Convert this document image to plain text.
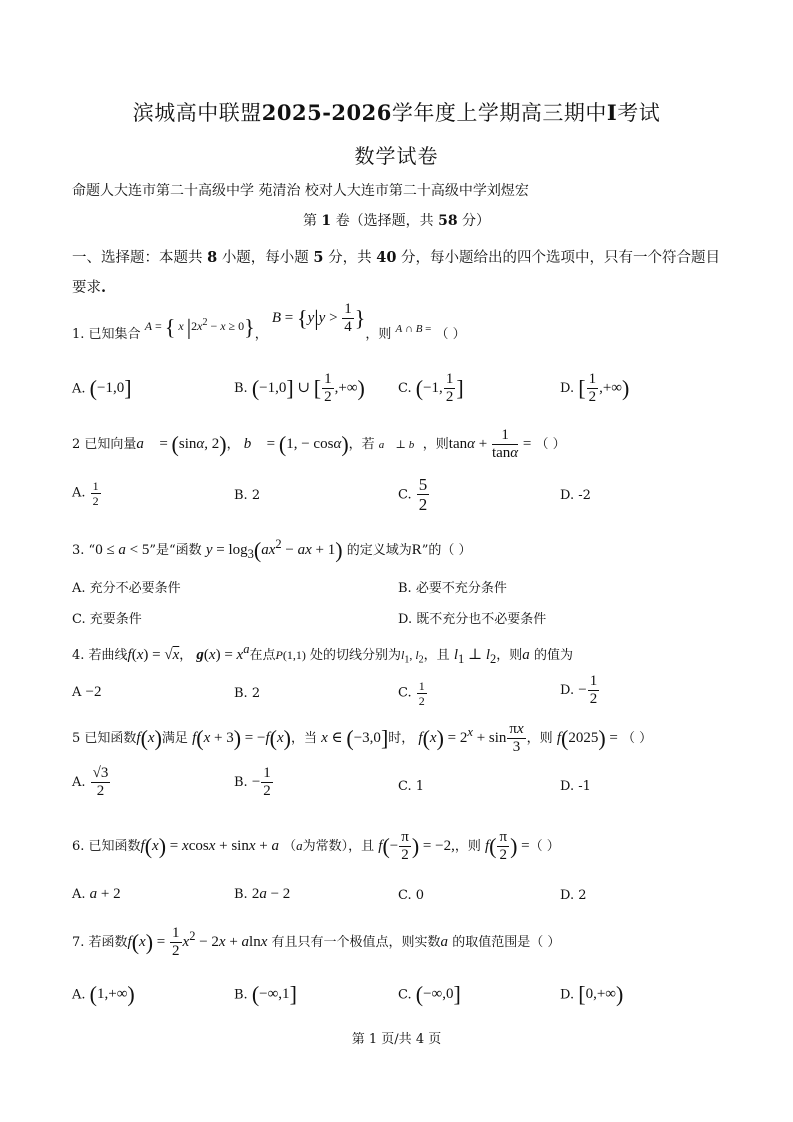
滨城高中联盟2025-2026学年度上学期高三期中I考试
数学试卷
命题人大连市第二十高级中学 苑清治 校对人大连市第二十高级中学刘煜宏
第 1 卷（选择题，共 58 分）
一、选择题：本题共 8 小题，每小题 5 分，共 40 分，每小题给出的四个选项中，只有一个符合题目要求.
1. 已知集合 A = { x $|2x^2 - x \ge 0$}， $B = \{y|y > \frac{1}{4}$ }，则 $^{A \cap B =}$ （ ）
A. (−1,0]	B. (−1,0] ∪ [ $\frac{1}{2}$ ,+∞)	C. (−1, $\frac{1}{2}$ ]	D. [ $\frac{1}{2}$ ,+∞)
2 已知向量a⃗ = (sinα, 2)， b⃗ = (1, − cosα)，若 a⃗ ⊥ b⃗，则$\tan\alpha + \frac{1}{\tan\alpha}$ = （ ）
A. $\frac{1}{2}$	B. 2	C. $\frac{5}{2}$	D. -2
3. “0 ≤ a < 5”是“函数 $y = \log_3(ax^2$ − ax + 1) 的定义域为R”的（ ）
A. 充分不必要条件	B. 必要不充分条件
C. 充要条件	D. 既不充分也不必要条件
4. 若曲线f(x) = √x， $g(x) = x^a$在点P(1,1) 处的切线分别为$l_1$, $l_2$，且 $l_1$ ⊥ $l_2$，则a 的值为
A −2	B. 2	C. $\frac{1}{2}$	D. − $\frac{1}{2}$
5 已知函数f(x)满足 f(x + 3) = −f(x)，当 x ∈ (−3,0]时， $f(x) = 2^x + \sin \frac{\pi x}{3}$ ，则 f(2025) = （ ）
A. $\frac{√3}{2}$	B. − $\frac{1}{2}$	C. 1	D. -1
6. 已知函数f(x) = xcosx + sinx + a （a为常数），且 $f(- \frac{\pi}{2}$ ) = −2,，则 $f( \frac{\pi}{2}$ ) =（ ）
A. a + 2	B. 2a − 2	C. 0	D. 2
7. 若函数$f(x) = \frac{1}{2} x^2 - 2x + alnx$ 有且只有一个极值点，则实数a 的取值范围是（ ）
A. (1,+∞)	B. (−∞,1]	C. (−∞,0]	D. [0,+∞)
第 1 页/共 4 页
